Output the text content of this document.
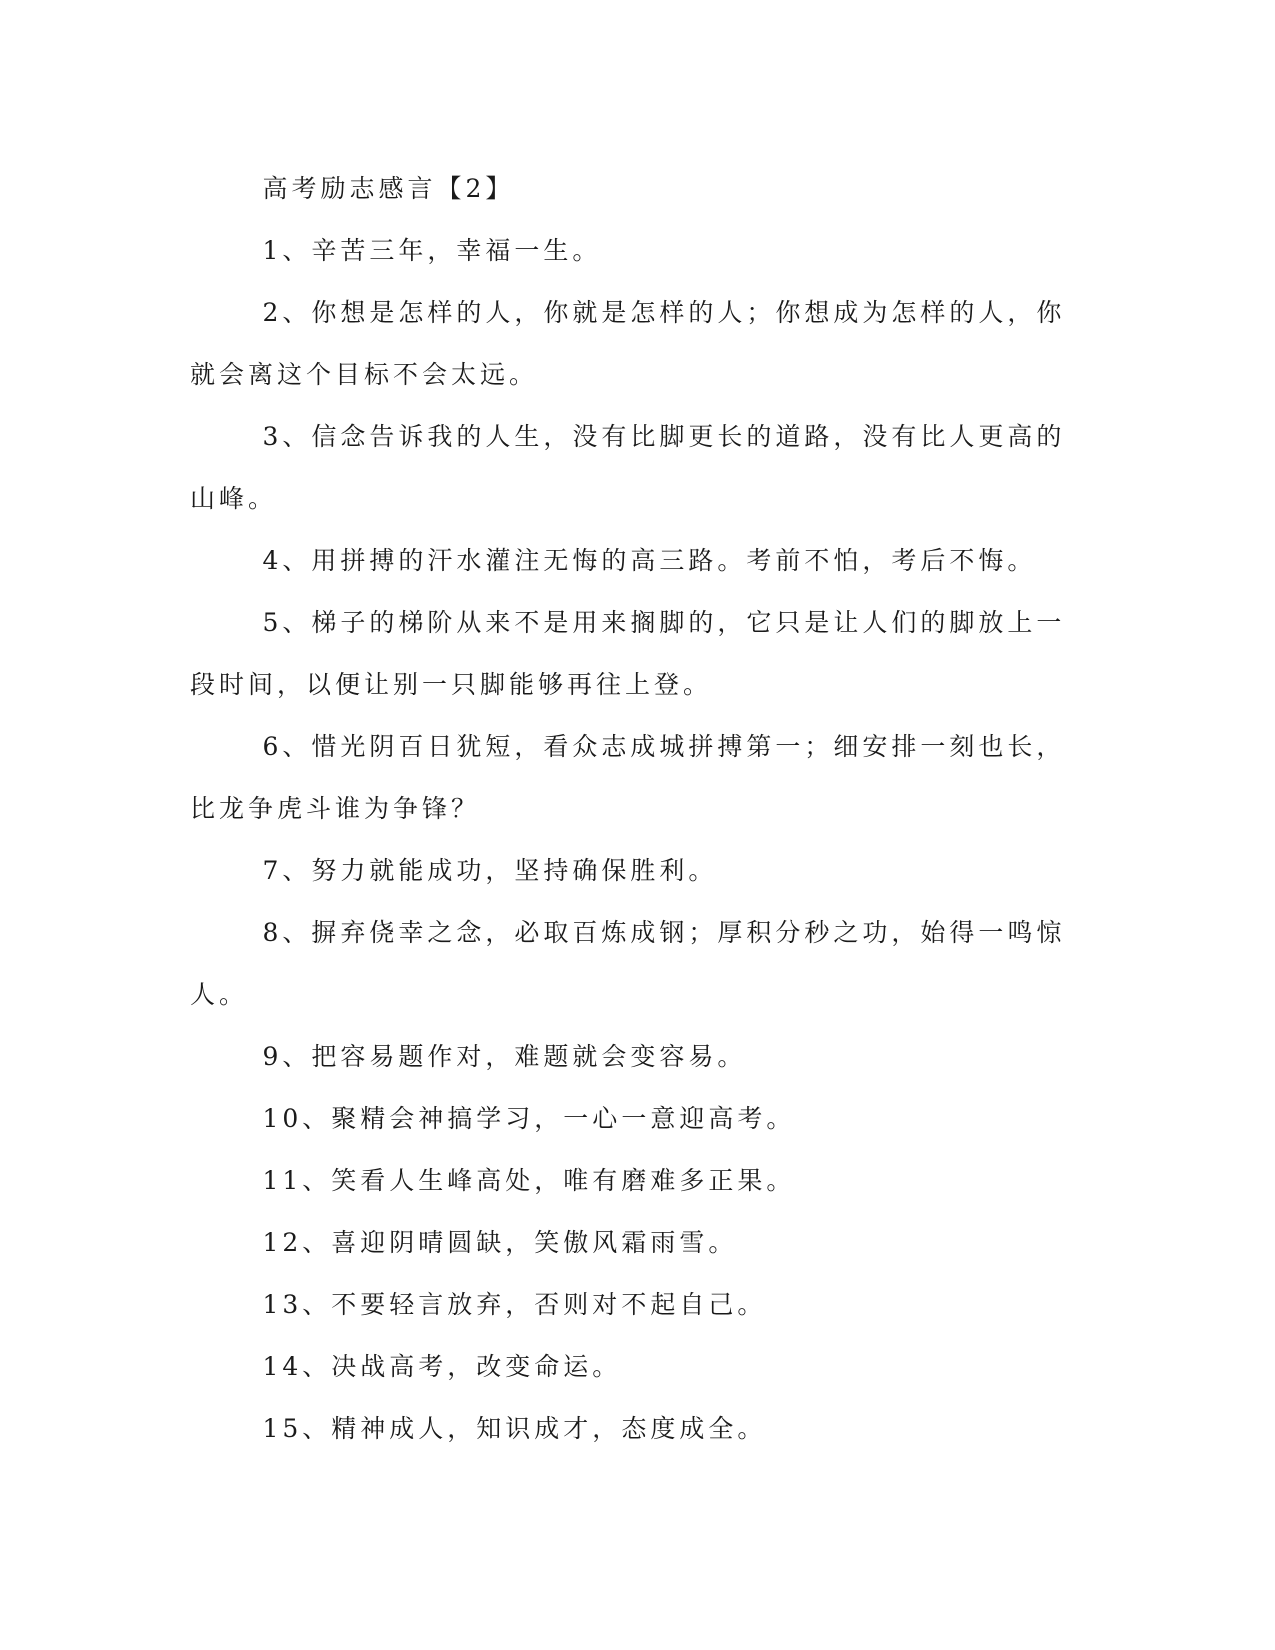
高考励志感言【2】

1、辛苦三年，幸福一生。

2、你想是怎样的人，你就是怎样的人；你想成为怎样的人，你就会离这个目标不会太远。

3、信念告诉我的人生，没有比脚更长的道路，没有比人更高的山峰。

4、用拼搏的汗水灌注无悔的高三路。考前不怕，考后不悔。

5、梯子的梯阶从来不是用来搁脚的，它只是让人们的脚放上一段时间，以便让别一只脚能够再往上登。

6、惜光阴百日犹短，看众志成城拼搏第一；细安排一刻也长，比龙争虎斗谁为争锋？

7、努力就能成功，坚持确保胜利。

8、摒弃侥幸之念，必取百炼成钢；厚积分秒之功，始得一鸣惊人。

9、把容易题作对，难题就会变容易。

10、聚精会神搞学习，一心一意迎高考。

11、笑看人生峰高处，唯有磨难多正果。

12、喜迎阴晴圆缺，笑傲风霜雨雪。

13、不要轻言放弃，否则对不起自己。

14、决战高考，改变命运。

15、精神成人，知识成才，态度成全。
